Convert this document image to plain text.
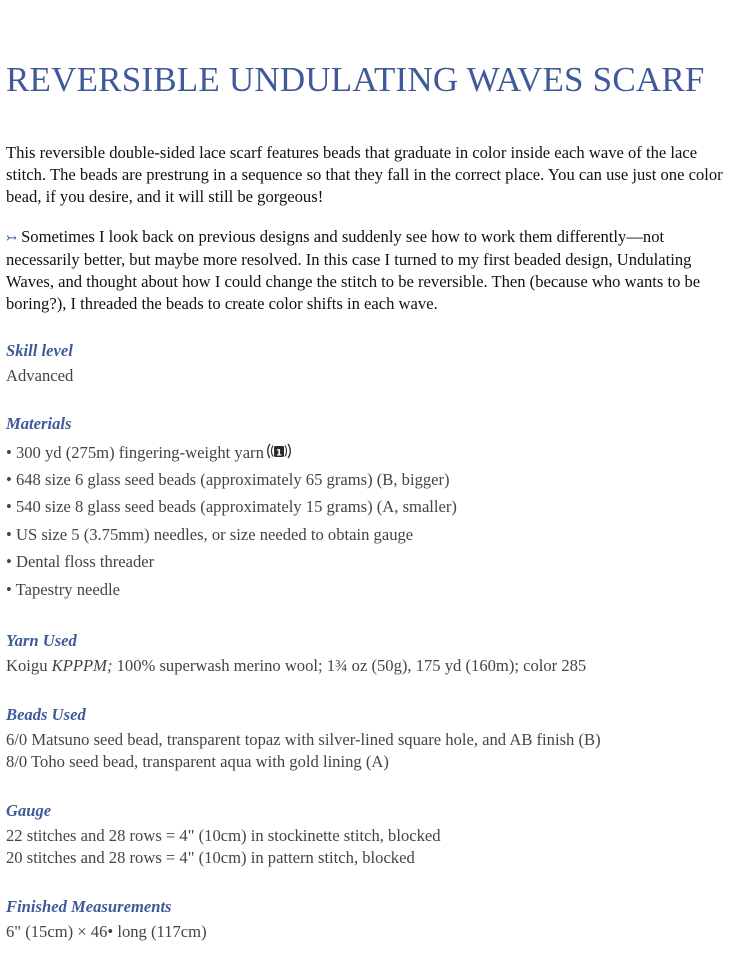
REVERSIBLE UNDULATING WAVES SCARF

This reversible double-sided lace scarf features beads that graduate in color inside each wave of the lace stitch. The beads are prestrung in a sequence so that they fall in the correct place. You can use just one color bead, if you desire, and it will still be gorgeous!

↣ Sometimes I look back on previous designs and suddenly see how to work them differently—not necessarily better, but maybe more resolved. In this case I turned to my first beaded design, Undulating Waves, and thought about how I could change the stitch to be reversible. Then (because who wants to be boring?), I threaded the beads to create color shifts in each wave.

Skill level

Advanced

Materials
• 300 yd (275m) fingering-weight yarn 1
• 648 size 6 glass seed beads (approximately 65 grams) (B, bigger)
• 540 size 8 glass seed beads (approximately 15 grams) (A, smaller)
• US size 5 (3.75mm) needles, or size needed to obtain gauge
• Dental floss threader
• Tapestry needle
Yarn Used

Koigu KPPPM; 100% superwash merino wool; 1¾ oz (50g), 175 yd (160m); color 285

Beads Used

6/0 Matsuno seed bead, transparent topaz with silver-lined square hole, and AB finish (B)

8/0 Toho seed bead, transparent aqua with gold lining (A)

Gauge

22 stitches and 28 rows = 4" (10cm) in stockinette stitch, blocked

20 stitches and 28 rows = 4" (10cm) in pattern stitch, blocked

Finished Measurements

6" (15cm) × 46• long (117cm)
